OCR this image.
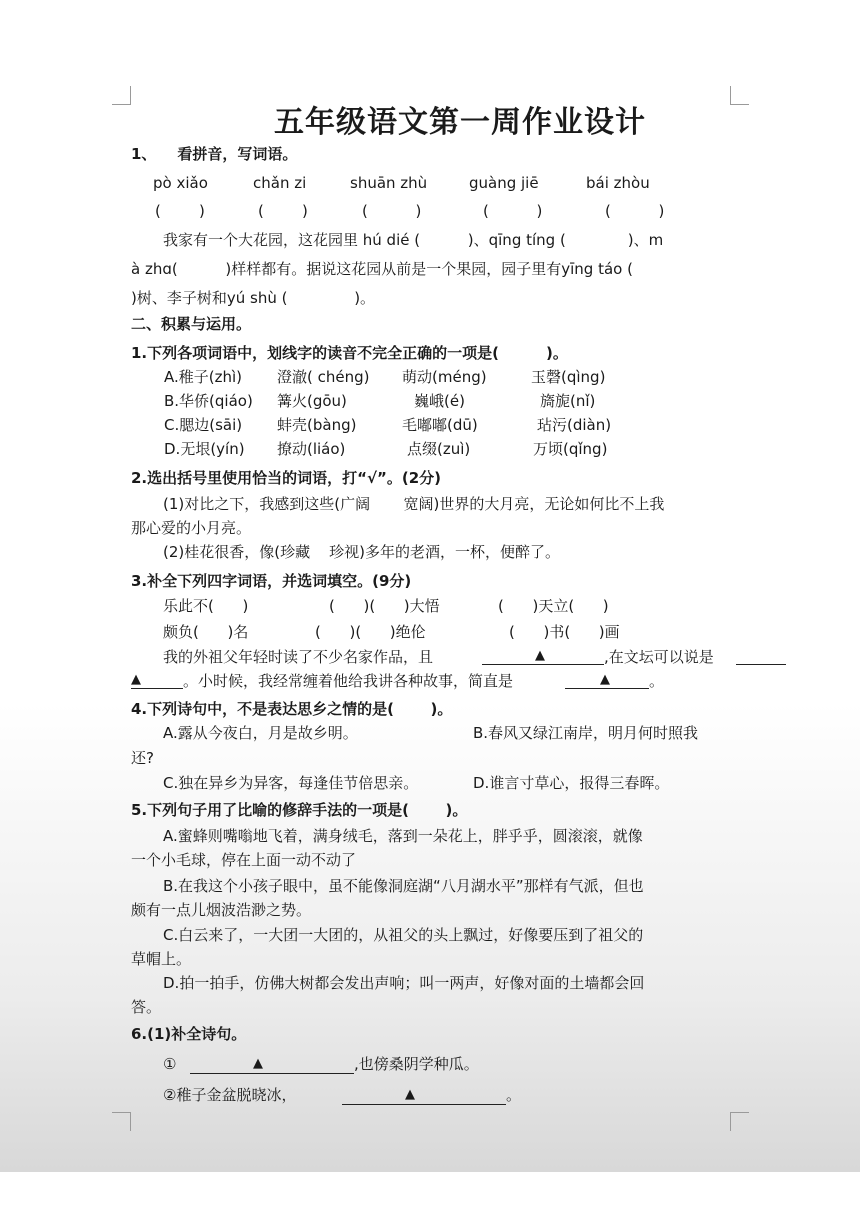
五年级语文第一周作业设计
1、    看拼音，写词语。
pò xiǎo	chǎn zi	shuān zhù	guàng jiē	bái zhòu
(        )	(        )	(          )	(          )	(          )
我家有一个大花园，这花园里 hú dié (          )、qīng tíng (             )、m
à zhɑ(          )样样都有。据说这花园从前是一个果园，园子里有yīng táo (
)树、李子树和yú shù (              )。
二、积累与运用。
1.下列各项词语中，划线字的读音不完全正确的一项是(         )。
A.稚子(zhì) 澄澈( chéng) 萌动(méng)	玉磬(qìng)
B.华侨(qiáo) 篝火(gōu)	巍峨(é)	旖旎(nǐ)
C.腮边(sāi) 蚌壳(bàng)	毛嘟嘟(dū)	玷污(diàn)
D.无垠(yín) 撩动(liáo)	点缀(zuì)	万顷(qǐng)
2.选出括号里使用恰当的词语，打“√”。(2分)
(1)对比之下，我感到这些(广阔       宽阔)世界的大月亮，无论如何比不上我
那心爱的小月亮。
(2)桂花很香，像(珍藏    珍视)多年的老酒，一杯，便醉了。
3.补全下列四字词语，并选词填空。(9分)
乐此不(      )	(      )(      )大悟	(      )天立(      )
颇负(      )名	(      )(      )绝伦	(      )书(      )画
我的外祖父年轻时读了不少名家作品，且	▲	,在文坛可以说是
▲	。小时候，我经常缠着他给我讲各种故事，简直是	▲	。
4.下列诗句中，不是表达思乡之情的是(       )。
A.露从今夜白，月是故乡明。	B.春风又绿江南岸，明月何时照我
还?
C.独在异乡为异客，每逢佳节倍思亲。	D.谁言寸草心，报得三春晖。
5.下列句子用了比喻的修辞手法的一项是(       )。
A.蜜蜂则嘴嗡地飞着，满身绒毛，落到一朵花上，胖乎乎，圆滚滚，就像
一个小毛球，停在上面一动不动了
B.在我这个小孩子眼中，虽不能像洞庭湖“八月湖水平”那样有气派，但也
颇有一点儿烟波浩渺之势。
C.白云来了，一大团一大团的，从祖父的头上飘过，好像要压到了祖父的
草帽上。
D.拍一拍手，仿佛大树都会发出声响；叫一两声，好像对面的土墙都会回
答。
6.(1)补全诗句。
①	▲	,也傍桑阴学种瓜。
②稚子金盆脱晓冰，	▲	。
